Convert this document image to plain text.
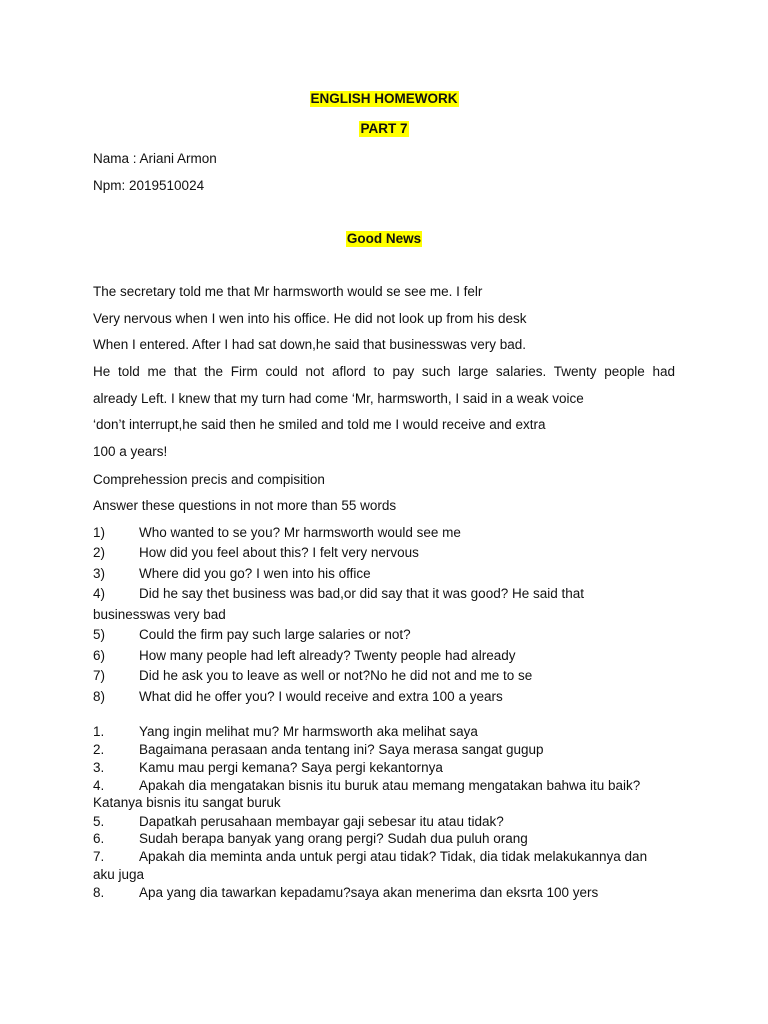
ENGLISH HOMEWORK
PART 7
Nama : Ariani Armon
Npm: 2019510024
Good News
The secretary told me that Mr harmsworth would se see me. I felr
Very nervous when I wen into his office. He did not look up from his desk
When I entered. After I had sat down,he said that businesswas very bad.
He told me that the Firm could not aflord to pay such large salaries. Twenty people had
already Left. I knew that my turn had come ‘Mr, harmsworth, I said in a weak voice
‘don’t interrupt,he said then he smiled and told me I would receive and extra
100 a years!
Comprehession precis and compisition
Answer these questions in not more than 55 words
1)	Who wanted to se you? Mr harmsworth would see me
2)	How did you feel about this? I felt very nervous
3)	Where did you go? I wen into his office
4)	Did he say thet business was bad,or did say that it was good? He said that
businesswas very bad
5)	Could the firm pay such large salaries or not?
6)	How many people had left already? Twenty people had already
7)	Did he ask you to leave as well or not?No he did not and me to se
8)	What did he offer you? I would receive and extra 100 a years
1.	Yang ingin melihat mu? Mr harmsworth aka melihat saya
2.	Bagaimana perasaan anda tentang ini? Saya merasa sangat gugup
3.	Kamu mau pergi kemana? Saya pergi kekantornya
4.	Apakah dia mengatakan bisnis itu buruk atau memang mengatakan bahwa itu baik?
Katanya bisnis itu sangat buruk
5.	Dapatkah perusahaan membayar gaji sebesar itu atau tidak?
6.	Sudah berapa banyak yang orang pergi? Sudah dua puluh orang
7.	Apakah dia meminta anda untuk pergi atau tidak? Tidak, dia tidak melakukannya dan
aku juga
8.	Apa yang dia tawarkan kepadamu?saya akan menerima dan eksrta 100 yers
